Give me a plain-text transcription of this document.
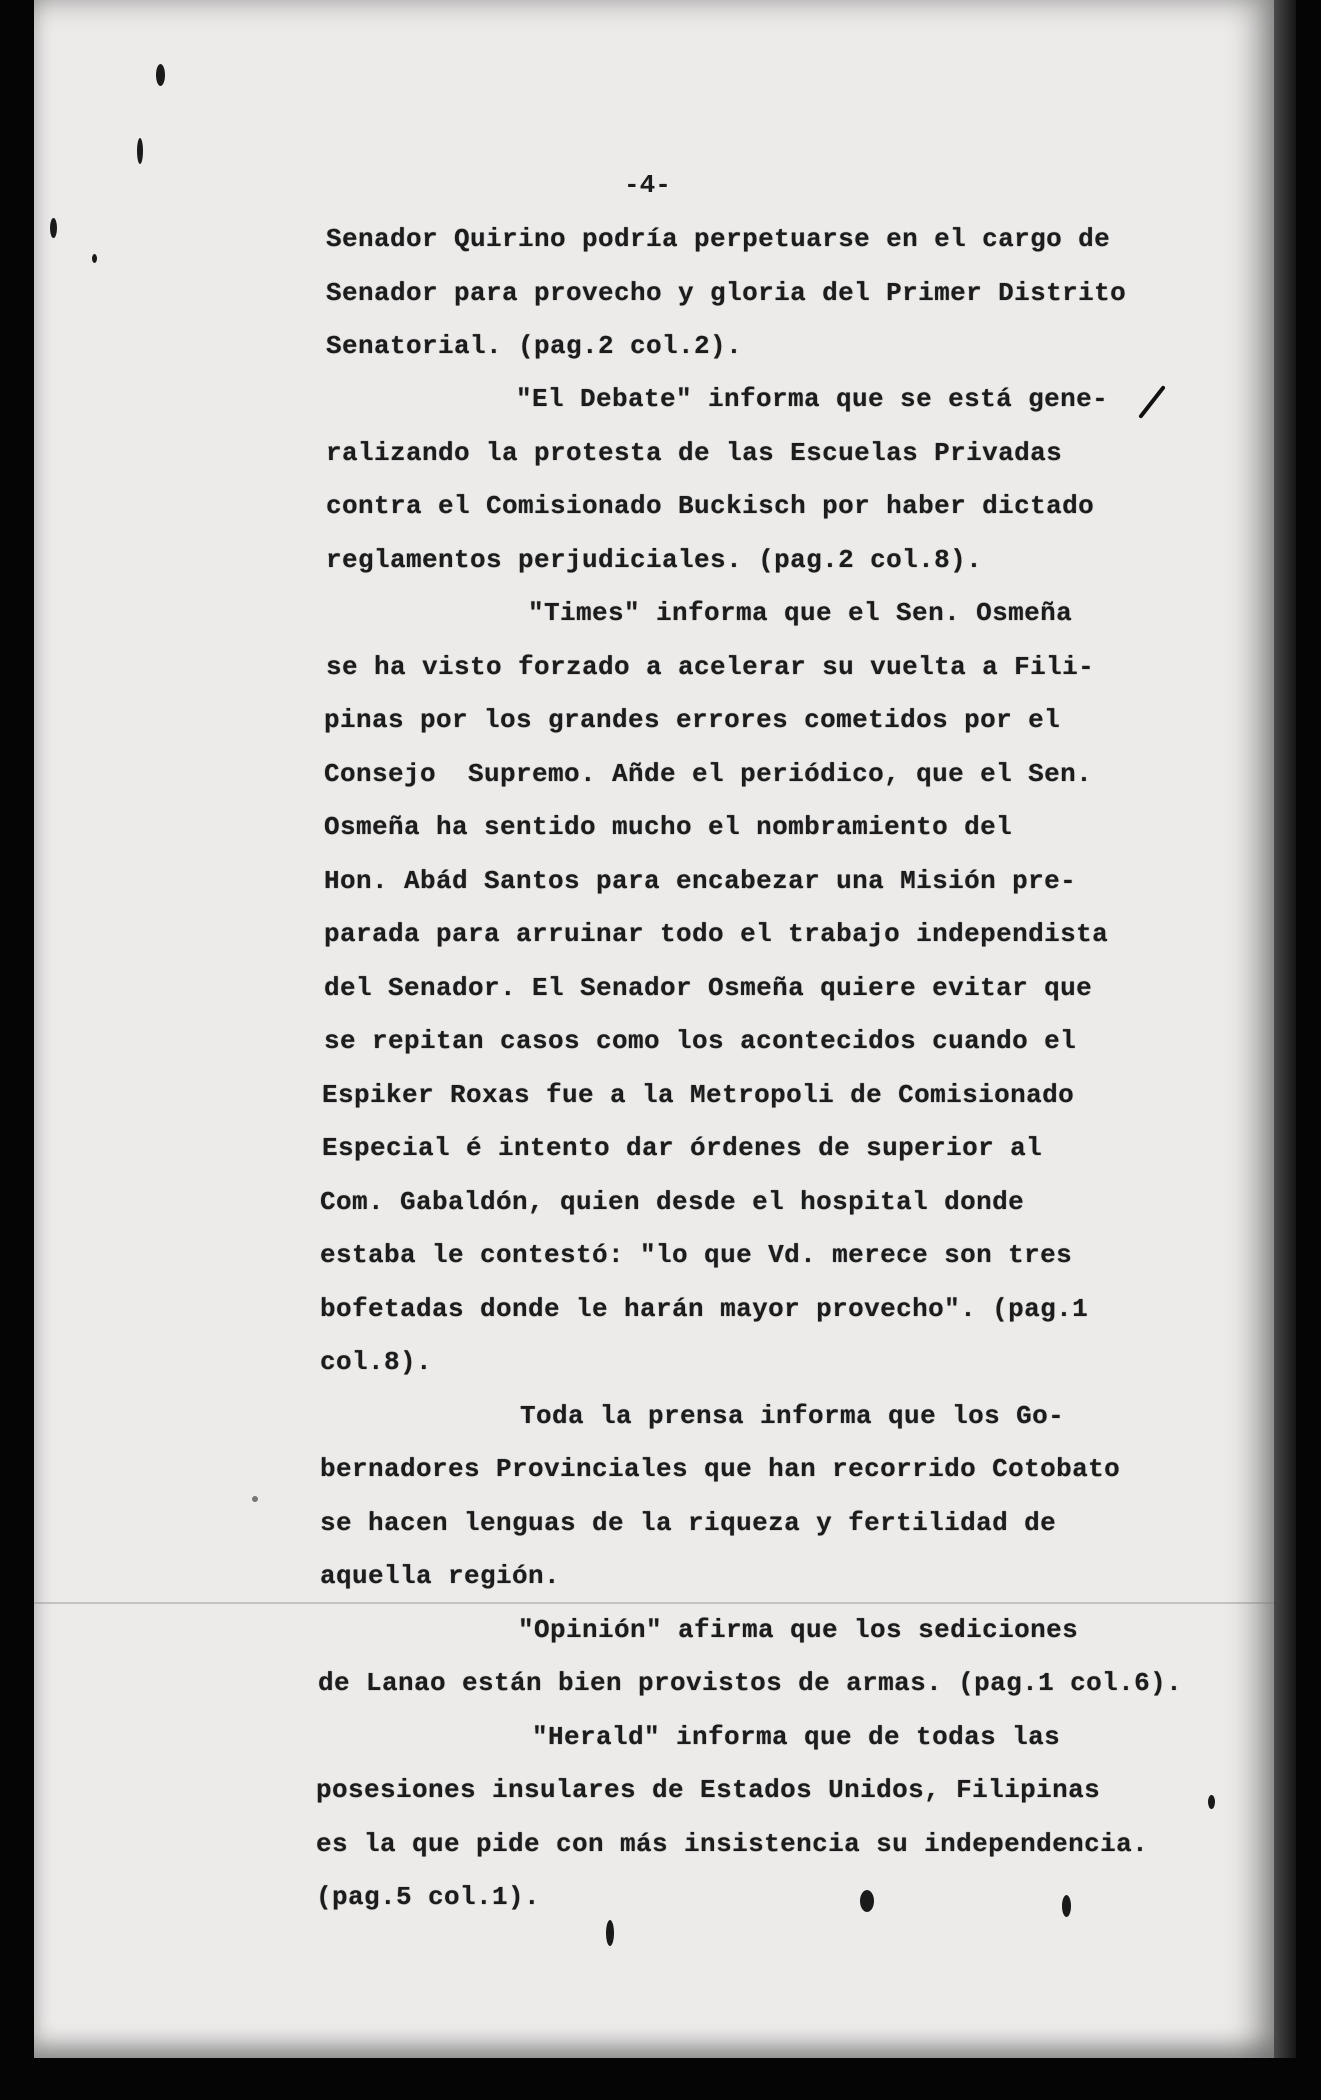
-4-
Senador Quirino podría perpetuarse en el cargo de
Senador para provecho y gloria del Primer Distrito
Senatorial. (pag.2 col.2).
"El Debate" informa que se está gene-
ralizando la protesta de las Escuelas Privadas
contra el Comisionado Buckisch por haber dictado
reglamentos perjudiciales. (pag.2 col.8).
"Times" informa que el Sen. Osmeña
se ha visto forzado a acelerar su vuelta a Fili-
pinas por los grandes errores cometidos por el
Consejo  Supremo. Añde el periódico, que el Sen.
Osmeña ha sentido mucho el nombramiento del
Hon. Abád Santos para encabezar una Misión pre-
parada para arruinar todo el trabajo independista
del Senador. El Senador Osmeña quiere evitar que
se repitan casos como los acontecidos cuando el
Espiker Roxas fue a la Metropoli de Comisionado
Especial é intento dar órdenes de superior al
Com. Gabaldón, quien desde el hospital donde
estaba le contestó: "lo que Vd. merece son tres
bofetadas donde le harán mayor provecho". (pag.1
col.8).
Toda la prensa informa que los Go-
bernadores Provinciales que han recorrido Cotobato
se hacen lenguas de la riqueza y fertilidad de
aquella región.
"Opinión" afirma que los sediciones
de Lanao están bien provistos de armas. (pag.1 col.6).
"Herald" informa que de todas las
posesiones insulares de Estados Unidos, Filipinas
es la que pide con más insistencia su independencia.
(pag.5 col.1).
